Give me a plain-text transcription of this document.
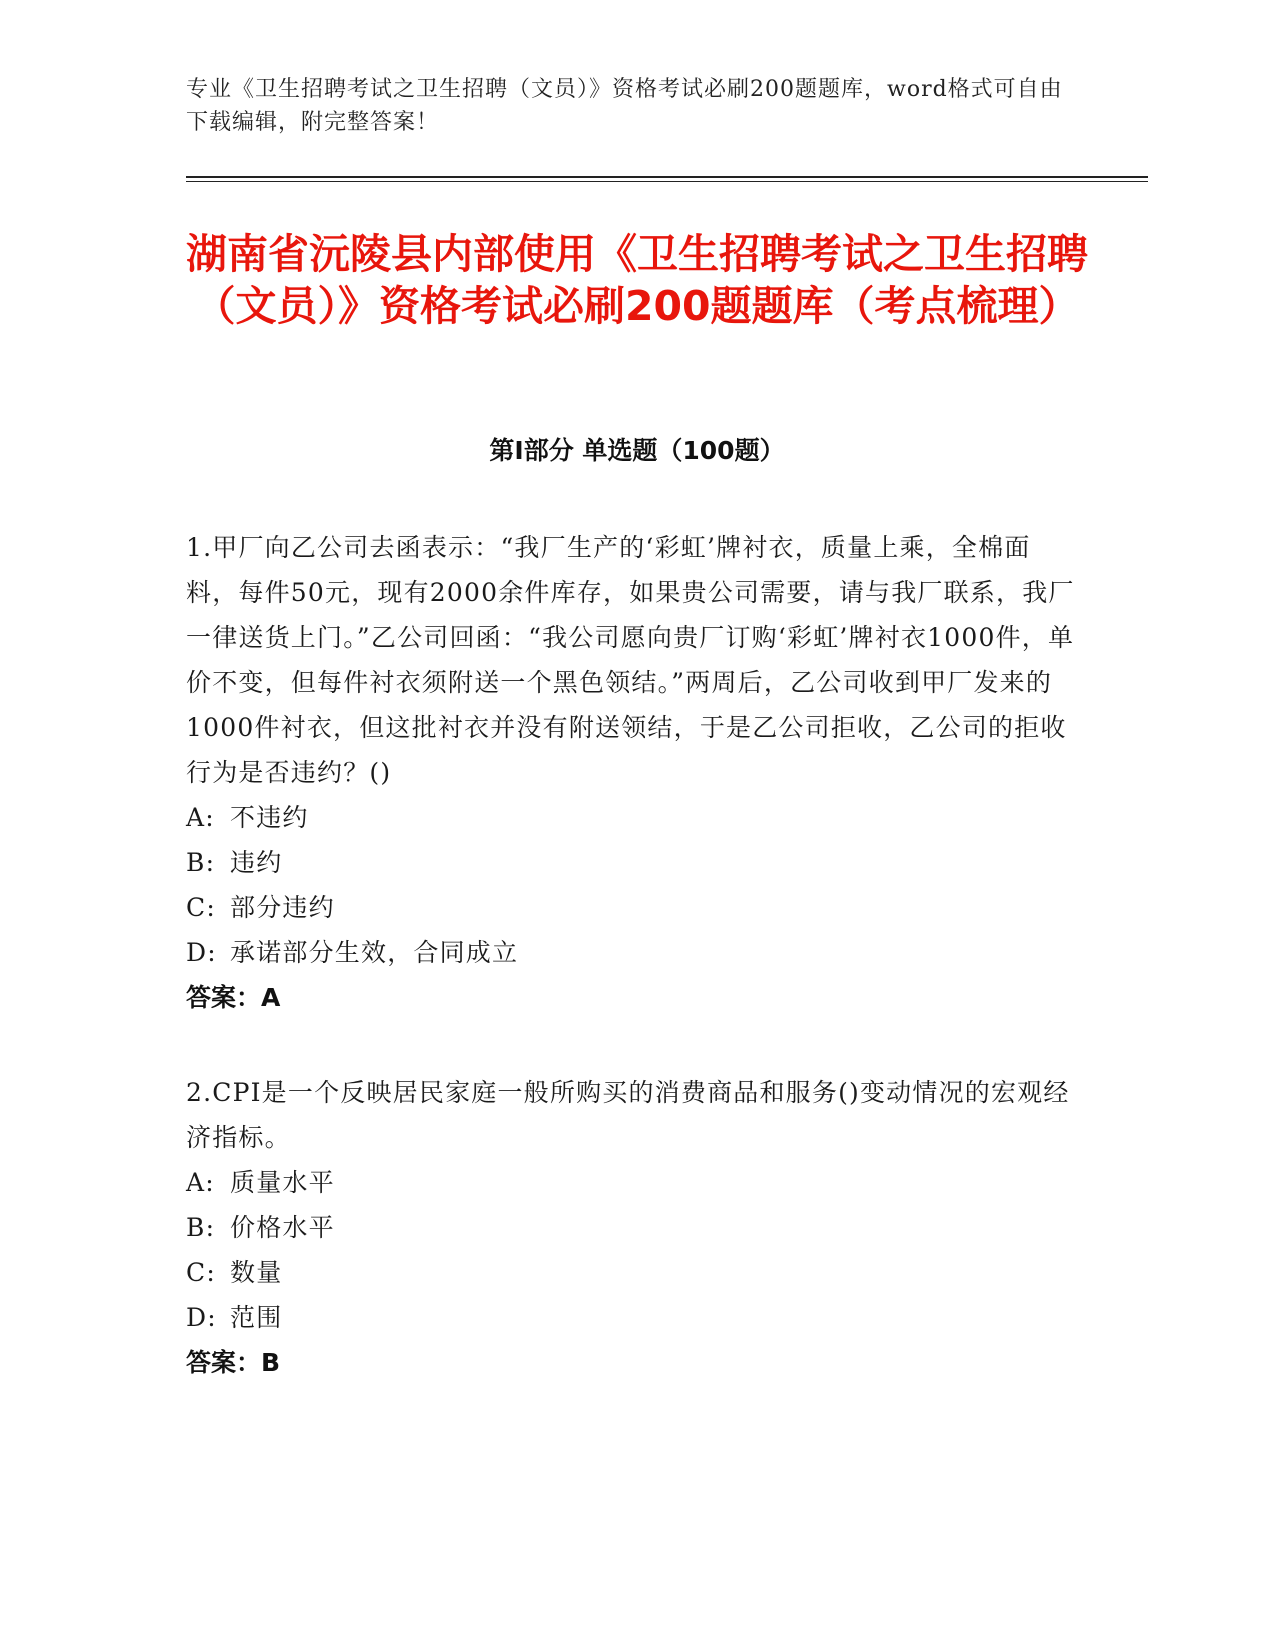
专业《卫生招聘考试之卫生招聘（文员）》资格考试必刷200题题库，word格式可自由下载编辑，附完整答案！
湖南省沅陵县内部使用《卫生招聘考试之卫生招聘（文员）》资格考试必刷200题题库（考点梳理）
第Ⅰ部分 单选题（100题）

1.甲厂向乙公司去函表示：“我厂生产的‘彩虹’牌衬衣，质量上乘，全棉面料，每件50元，现有2000余件库存，如果贵公司需要，请与我厂联系，我厂一律送货上门。”乙公司回函：“我公司愿向贵厂订购‘彩虹’牌衬衣1000件，单价不变，但每件衬衣须附送一个黑色领结。”两周后，乙公司收到甲厂发来的1000件衬衣，但这批衬衣并没有附送领结，于是乙公司拒收，乙公司的拒收行为是否违约？()

A: 不违约

B: 违约

C: 部分违约

D: 承诺部分生效，合同成立

答案：A

2.CPI是一个反映居民家庭一般所购买的消费商品和服务()变动情况的宏观经济指标。

A: 质量水平

B: 价格水平

C: 数量

D: 范围

答案：B
